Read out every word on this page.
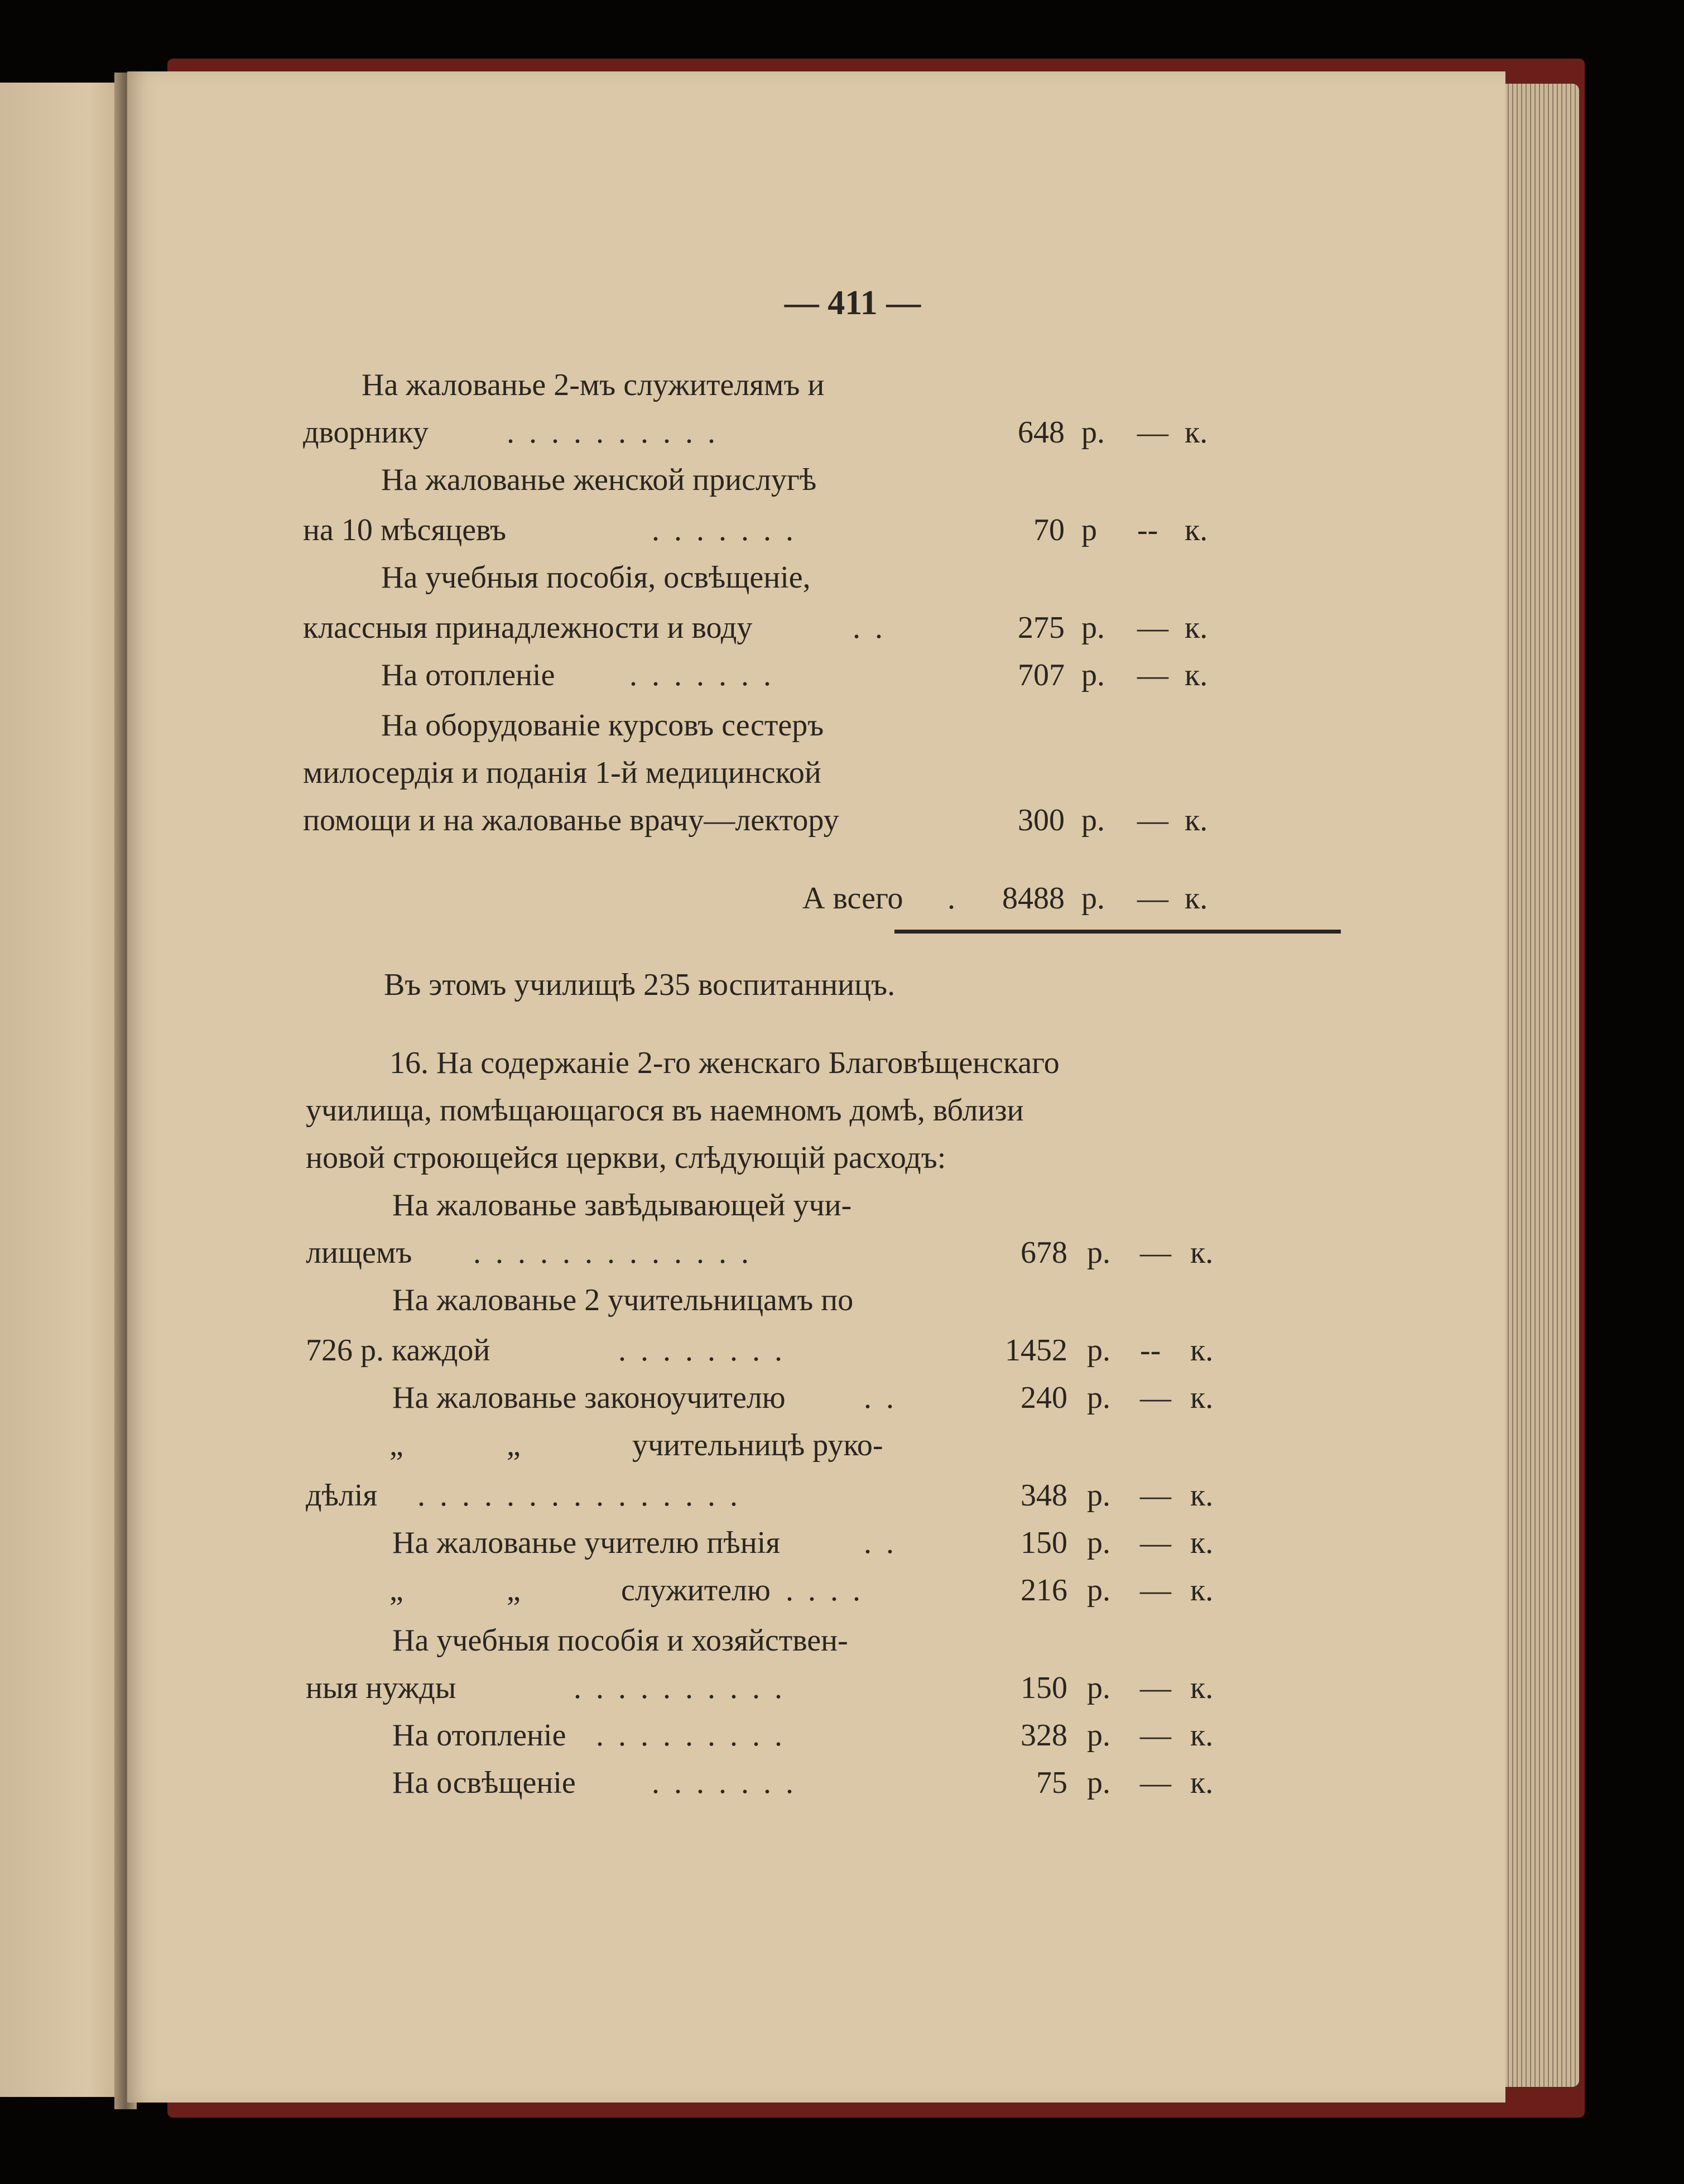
— 411 —
На жалованье 2-мъ служителямъ и
дворнику	..........	648 р. — к.
На жалованье женской прислугѣ
на 10 мѣсяцевъ	.......	70 р -- к.
На учебныя пособія, освѣщеніе,
классныя принадлежности и воду	..	275 р. — к.
На отопленіе .......	707 р. — к.
На оборудованіе курсовъ сестеръ
милосердія и поданія 1-й медицинской
помощи и на жалованье врачу—лектору	300 р. — к.
А всего .	8488 р. — к.
Въ этомъ училищѣ 235 воспитанницъ.
16. На содержаніе 2-го женскаго Благовѣщенскаго
училища, помѣщающагося въ наемномъ домѣ, вблизи
новой строющейся церкви, слѣдующій расходъ:
На жалованье завѣдывающей учи-
лищемъ .............	678 р. — к.
На жалованье 2 учительницамъ по
726 р. каждой	........	1452 р. -- к.
На жалованье законоучителю	..	240 р. — к.
„	„	учительницѣ руко-
дѣлія ...............	348 р. — к.
На жалованье учителю пѣнія	..	150 р. — к.
„	„	служителю ....	216 р. — к.
На учебныя пособія и хозяйствен-
ныя нужды	..........	150 р. — к.
На отопленіе .........	328 р. — к.
На освѣщеніе .......	75 р. — к.
